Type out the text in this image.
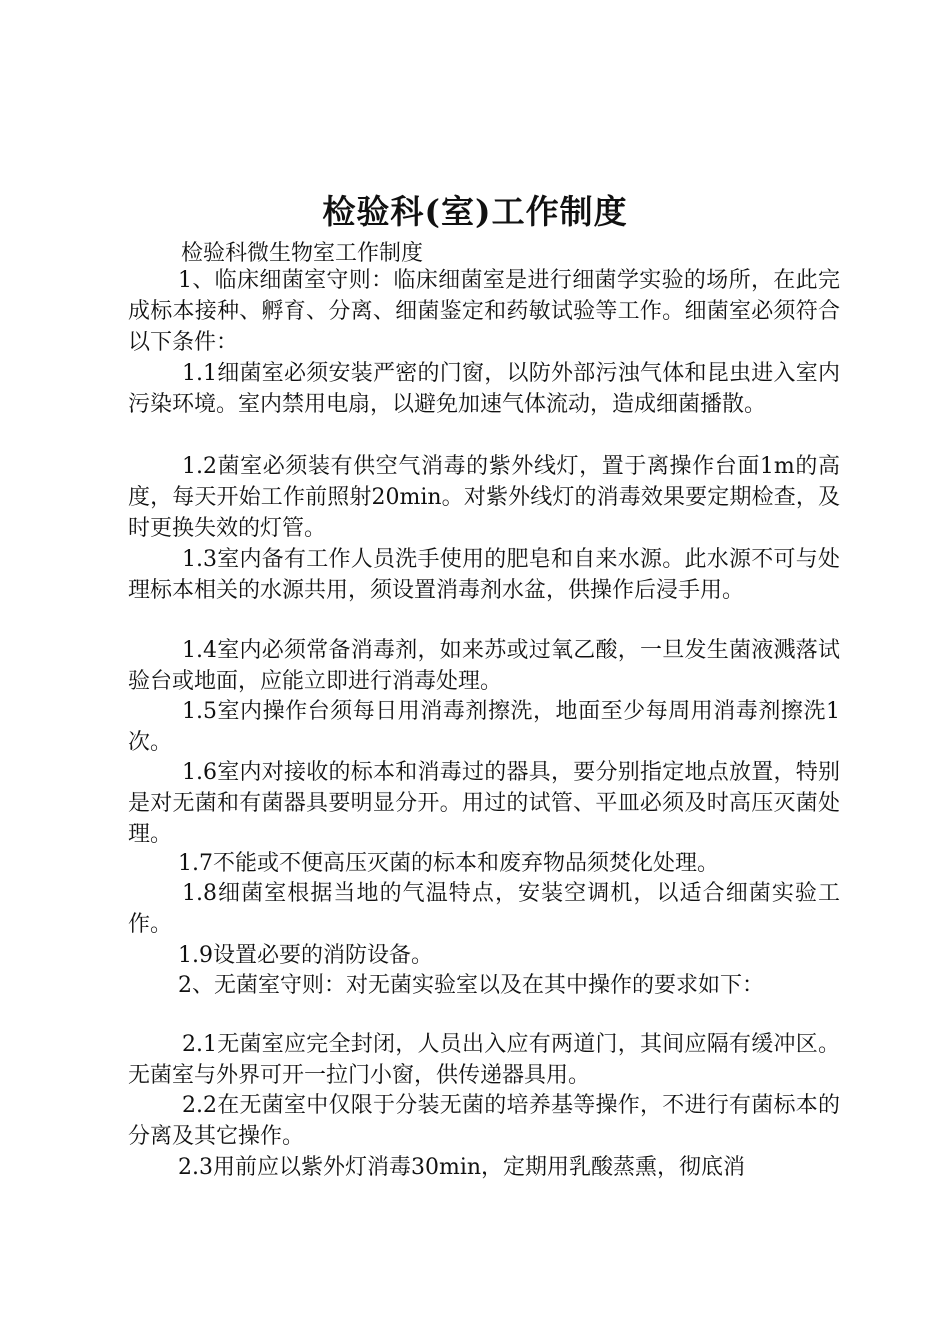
检验科(室)工作制度
检验科微生物室工作制度
1、临床细菌室守则：临床细菌室是进行细菌学实验的场所，在此完成标本接种、孵育、分离、细菌鉴定和药敏试验等工作。细菌室必须符合以下条件：
1.1细菌室必须安装严密的门窗，以防外部污浊气体和昆虫进入室内污染环境。室内禁用电扇，以避免加速气体流动，造成细菌播散。
1.2菌室必须装有供空气消毒的紫外线灯，置于离操作台面1m的高度，每天开始工作前照射20min。对紫外线灯的消毒效果要定期检查，及时更换失效的灯管。
1.3室内备有工作人员洗手使用的肥皂和自来水源。此水源不可与处理标本相关的水源共用，须设置消毒剂水盆，供操作后浸手用。
1.4室内必须常备消毒剂，如来苏或过氧乙酸，一旦发生菌液溅落试验台或地面，应能立即进行消毒处理。
1.5室内操作台须每日用消毒剂擦洗，地面至少每周用消毒剂擦洗1次。
1.6室内对接收的标本和消毒过的器具，要分别指定地点放置，特别是对无菌和有菌器具要明显分开。用过的试管、平皿必须及时高压灭菌处理。
1.7不能或不便高压灭菌的标本和废弃物品须焚化处理。
1.8细菌室根据当地的气温特点，安装空调机，以适合细菌实验工作。
1.9设置必要的消防设备。
2、无菌室守则：对无菌实验室以及在其中操作的要求如下：
2.1无菌室应完全封闭，人员出入应有两道门，其间应隔有缓冲区。无菌室与外界可开一拉门小窗，供传递器具用。
2.2在无菌室中仅限于分装无菌的培养基等操作，不进行有菌标本的分离及其它操作。
2.3用前应以紫外灯消毒30min，定期用乳酸蒸熏，彻底消
